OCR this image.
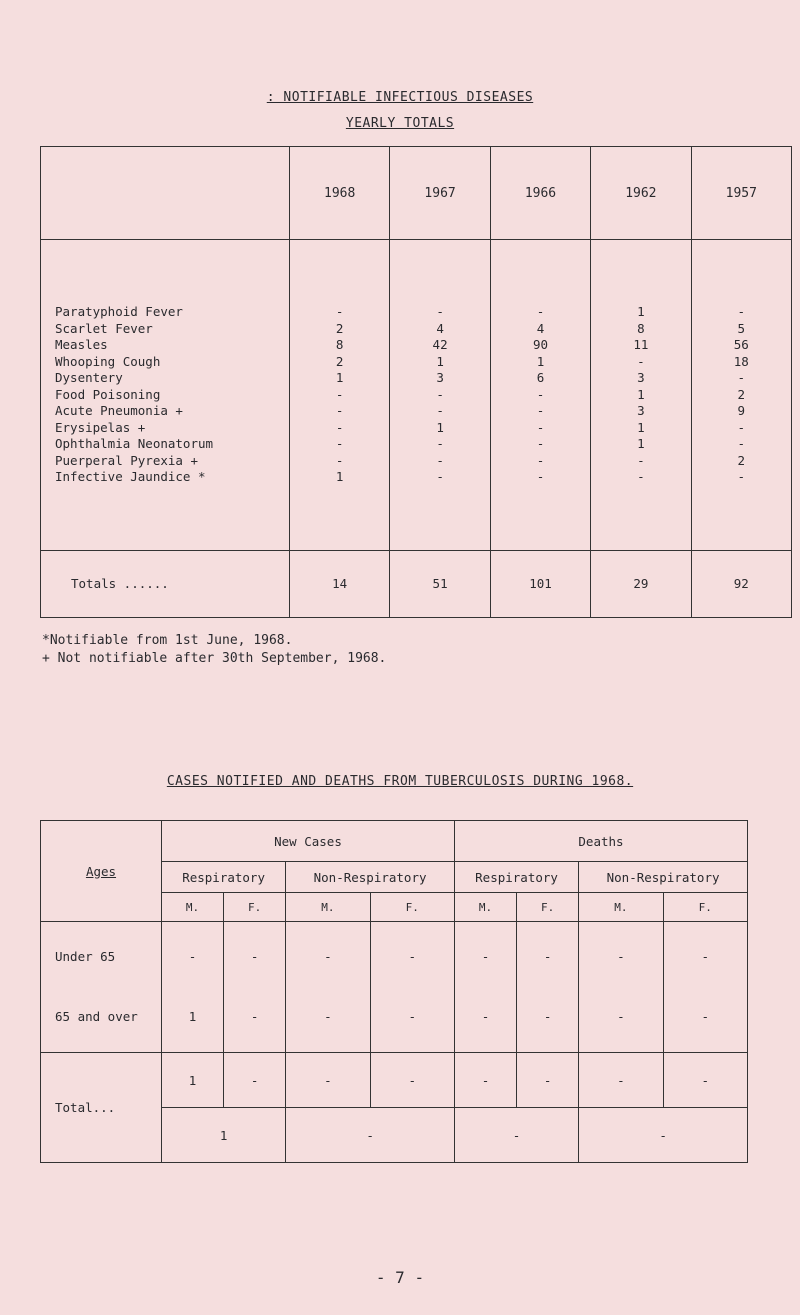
: NOTIFIABLE INFECTIOUS DISEASES
YEARLY TOTALS
	1968	1967	1966	1962	1957

Paratyphoid Fever	-	-	-	1	-
Scarlet Fever	2	4	4	8	5
Measles	8	42	90	11	56
Whooping Cough	2	1	1	-	18
Dysentery	1	3	6	3	-
Food Poisoning	-	-	-	1	2
Acute Pneumonia +	-	-	-	3	9
Erysipelas +	-	1	-	1	-
Ophthalmia Neonatorum	-	-	-	1	-
Puerperal Pyrexia +	-	-	-	-	2
Infective Jaundice *	1	-	-	-	-

Totals ......	14	51	101	29	92
*Notifiable from 1st June, 1968.
+ Not notifiable after 30th September, 1968.
CASES NOTIFIED AND DEATHS FROM TUBERCULOSIS DURING 1968.
Ages	New Cases				Deaths			
	Respiratory		Non-Respiratory		Respiratory		Non-Respiratory	
	M.	F.	M.	F.	M.	F.	M.	F.
Under 65	-	-	-	-	-	-	-	-
65 and over	1	-	-	-	-	-	-	-
Total...	1	-	-	-	-	-	-	-
	1		-		-		-	
- 7 -
